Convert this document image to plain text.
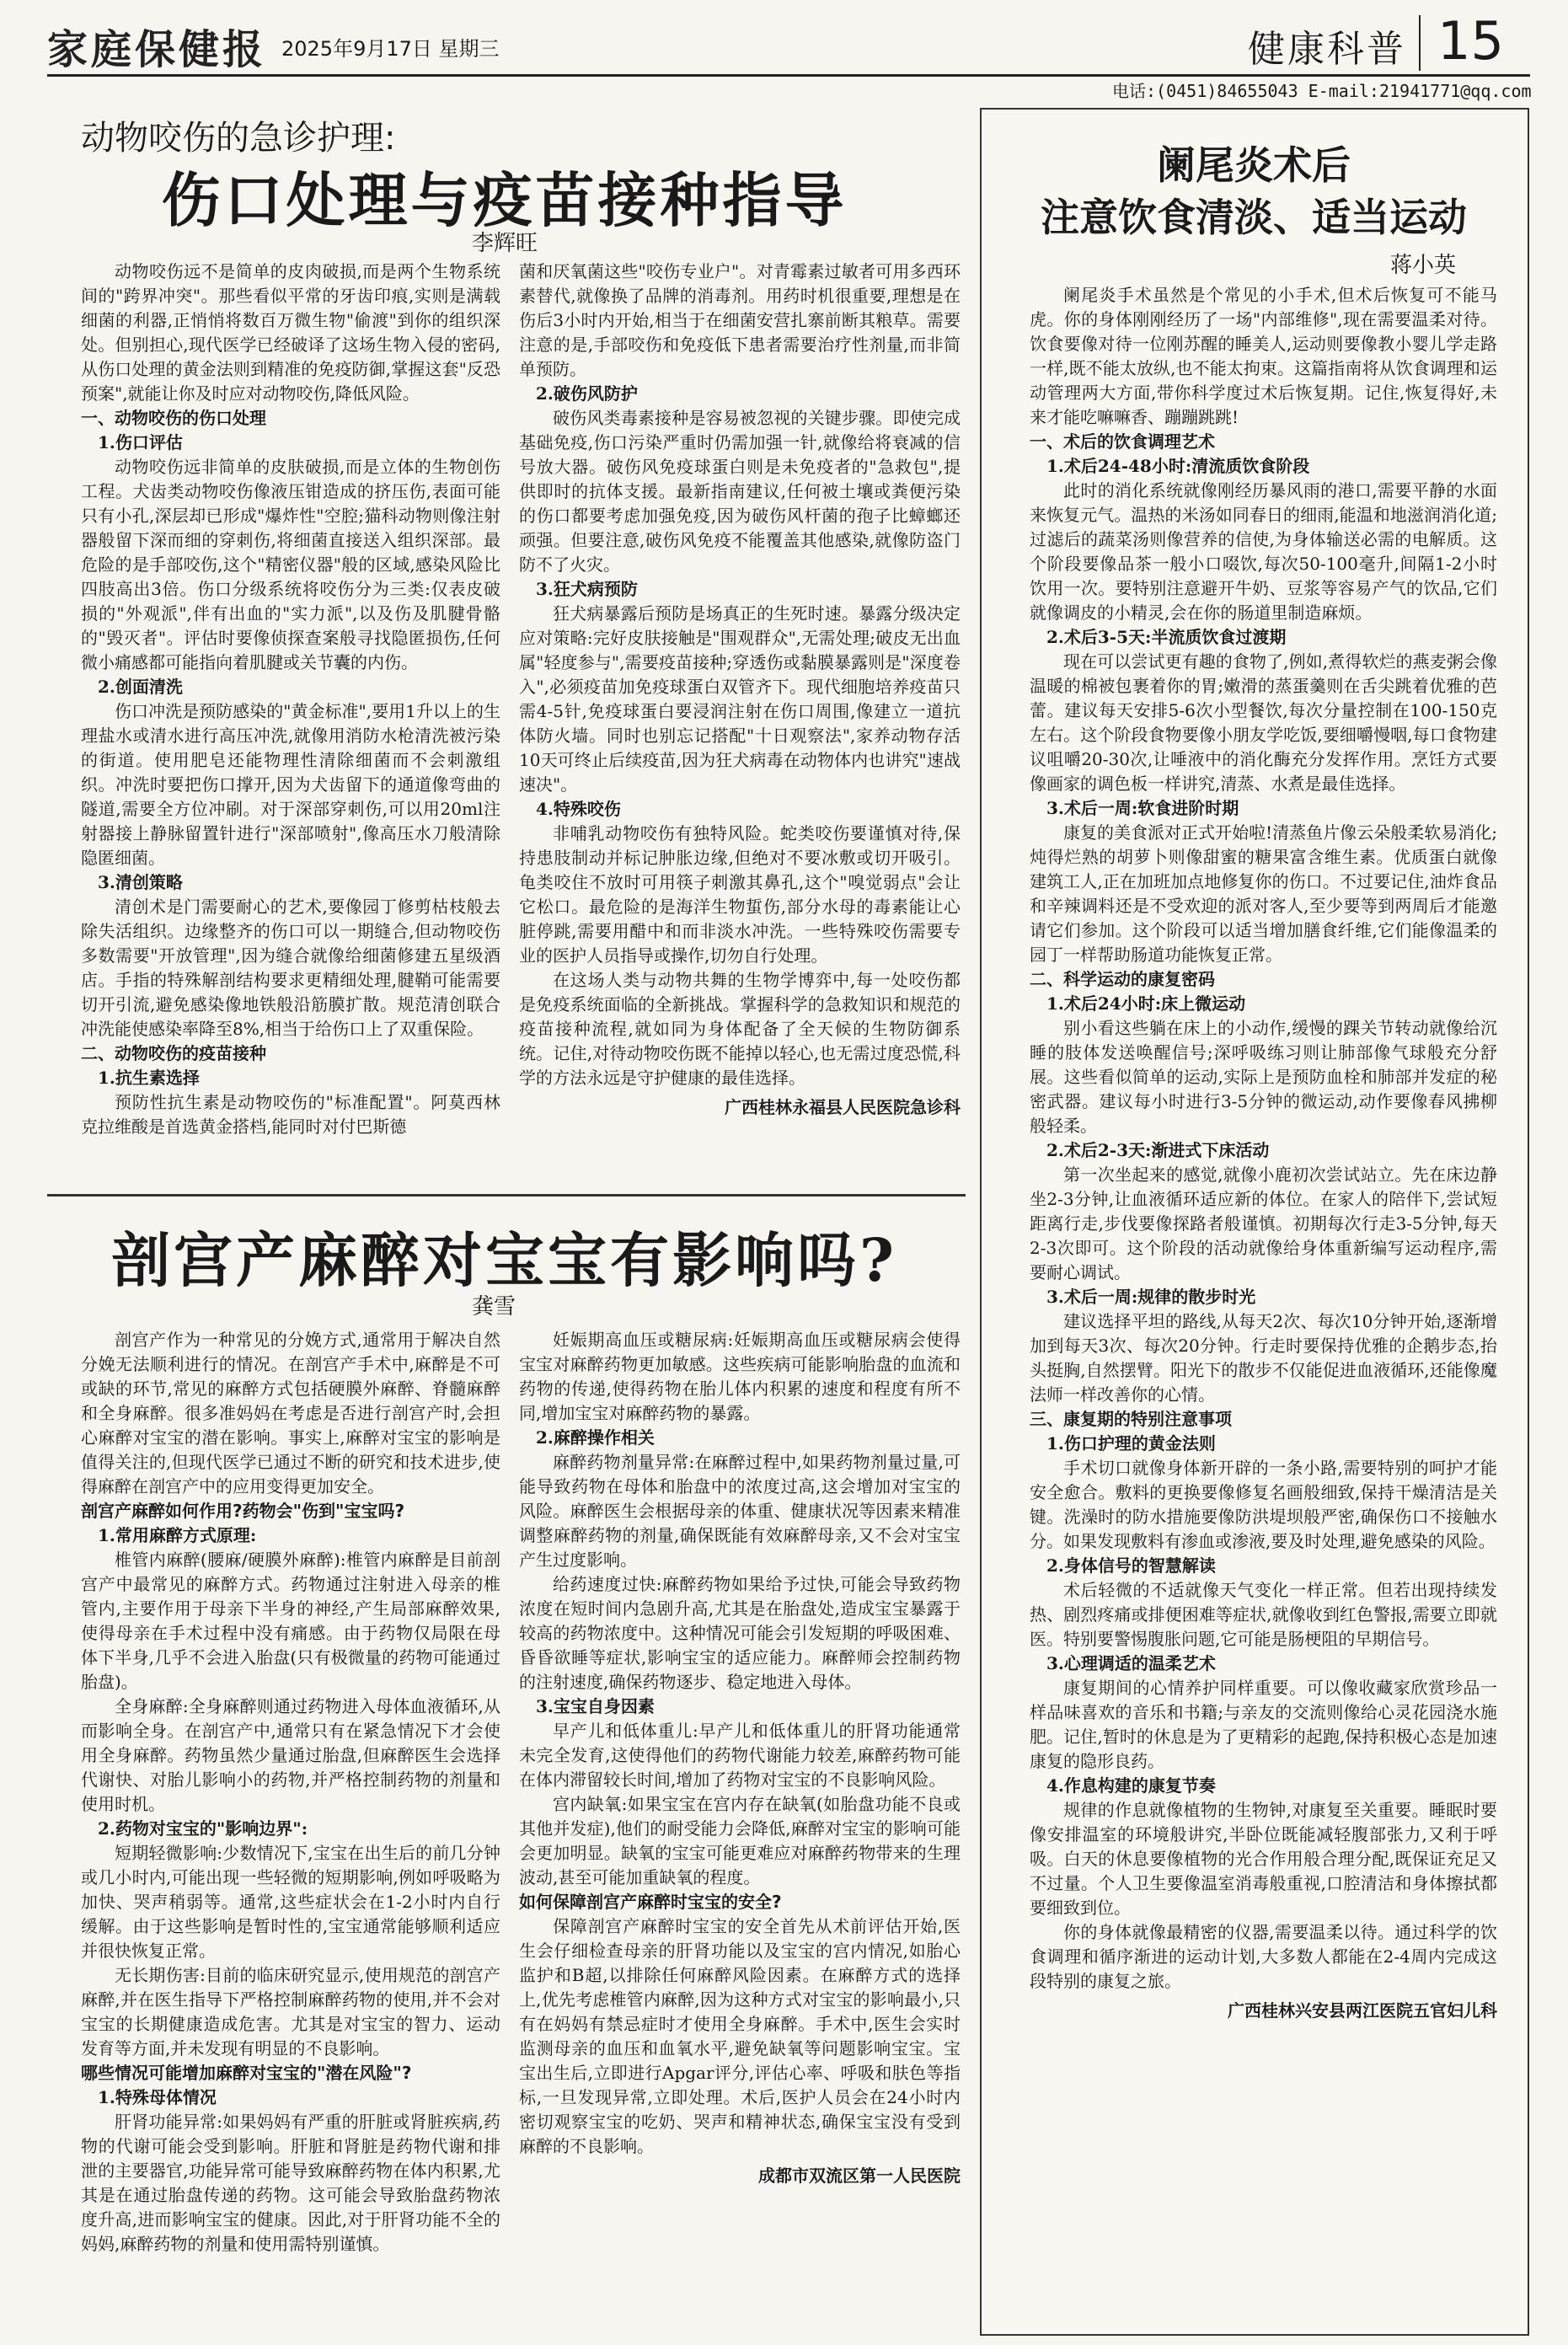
家庭保健报 2025年9月17日 星期三	健康科普 15
电话:(0451)84655043 E-mail:21941771@qq.com
动物咬伤的急诊护理:
伤口处理与疫苗接种指导
李辉旺

动物咬伤远不是简单的皮肉破损,而是两个生物系统间的"跨界冲突"。那些看似平常的牙齿印痕,实则是满载细菌的利器,正悄悄将数百万微生物"偷渡"到你的组织深处。但别担心,现代医学已经破译了这场生物入侵的密码,从伤口处理的黄金法则到精准的免疫防御,掌握这套"反恐预案",就能让你及时应对动物咬伤,降低风险。

一、动物咬伤的伤口处理

1.伤口评估

动物咬伤远非简单的皮肤破损,而是立体的生物创伤工程。犬齿类动物咬伤像液压钳造成的挤压伤,表面可能只有小孔,深层却已形成"爆炸性"空腔;猫科动物则像注射器般留下深而细的穿刺伤,将细菌直接送入组织深部。最危险的是手部咬伤,这个"精密仪器"般的区域,感染风险比四肢高出3倍。伤口分级系统将咬伤分为三类:仅表皮破损的"外观派",伴有出血的"实力派",以及伤及肌腱骨骼的"毁灭者"。评估时要像侦探查案般寻找隐匿损伤,任何微小痛感都可能指向着肌腱或关节囊的内伤。

2.创面清洗

伤口冲洗是预防感染的"黄金标准",要用1升以上的生理盐水或清水进行高压冲洗,就像用消防水枪清洗被污染的街道。使用肥皂还能物理性清除细菌而不会刺激组织。冲洗时要把伤口撑开,因为犬齿留下的通道像弯曲的隧道,需要全方位冲刷。对于深部穿刺伤,可以用20ml注射器接上静脉留置针进行"深部喷射",像高压水刀般清除隐匿细菌。

3.清创策略

清创术是门需要耐心的艺术,要像园丁修剪枯枝般去除失活组织。边缘整齐的伤口可以一期缝合,但动物咬伤多数需要"开放管理",因为缝合就像给细菌修建五星级酒店。手指的特殊解剖结构要求更精细处理,腱鞘可能需要切开引流,避免感染像地铁般沿筋膜扩散。规范清创联合冲洗能使感染率降至8%,相当于给伤口上了双重保险。

二、动物咬伤的疫苗接种

1.抗生素选择

预防性抗生素是动物咬伤的"标准配置"。阿莫西林克拉维酸是首选黄金搭档,能同时对付巴斯德

菌和厌氧菌这些"咬伤专业户"。对青霉素过敏者可用多西环素替代,就像换了品牌的消毒剂。用药时机很重要,理想是在伤后3小时内开始,相当于在细菌安营扎寨前断其粮草。需要注意的是,手部咬伤和免疫低下患者需要治疗性剂量,而非简单预防。

2.破伤风防护

破伤风类毒素接种是容易被忽视的关键步骤。即使完成基础免疫,伤口污染严重时仍需加强一针,就像给将衰减的信号放大器。破伤风免疫球蛋白则是未免疫者的"急救包",提供即时的抗体支援。最新指南建议,任何被土壤或粪便污染的伤口都要考虑加强免疫,因为破伤风杆菌的孢子比蟑螂还顽强。但要注意,破伤风免疫不能覆盖其他感染,就像防盗门防不了火灾。

3.狂犬病预防

狂犬病暴露后预防是场真正的生死时速。暴露分级决定应对策略:完好皮肤接触是"围观群众",无需处理;破皮无出血属"轻度参与",需要疫苗接种;穿透伤或黏膜暴露则是"深度卷入",必须疫苗加免疫球蛋白双管齐下。现代细胞培养疫苗只需4-5针,免疫球蛋白要浸润注射在伤口周围,像建立一道抗体防火墙。同时也别忘记搭配"十日观察法",家养动物存活10天可终止后续疫苗,因为狂犬病毒在动物体内也讲究"速战速决"。

4.特殊咬伤

非哺乳动物咬伤有独特风险。蛇类咬伤要谨慎对待,保持患肢制动并标记肿胀边缘,但绝对不要冰敷或切开吸引。龟类咬住不放时可用筷子刺激其鼻孔,这个"嗅觉弱点"会让它松口。最危险的是海洋生物蜇伤,部分水母的毒素能让心脏停跳,需要用醋中和而非淡水冲洗。一些特殊咬伤需要专业的医护人员指导或操作,切勿自行处理。

在这场人类与动物共舞的生物学博弈中,每一处咬伤都是免疫系统面临的全新挑战。掌握科学的急救知识和规范的疫苗接种流程,就如同为身体配备了全天候的生物防御系统。记住,对待动物咬伤既不能掉以轻心,也无需过度恐慌,科学的方法永远是守护健康的最佳选择。

广西桂林永福县人民医院急诊科

剖宫产麻醉对宝宝有影响吗?
龚雪

剖宫产作为一种常见的分娩方式,通常用于解决自然分娩无法顺利进行的情况。在剖宫产手术中,麻醉是不可或缺的环节,常见的麻醉方式包括硬膜外麻醉、脊髓麻醉和全身麻醉。很多准妈妈在考虑是否进行剖宫产时,会担心麻醉对宝宝的潜在影响。事实上,麻醉对宝宝的影响是值得关注的,但现代医学已通过不断的研究和技术进步,使得麻醉在剖宫产中的应用变得更加安全。

剖宫产麻醉如何作用?药物会"伤到"宝宝吗?

1.常用麻醉方式原理:

椎管内麻醉(腰麻/硬膜外麻醉):椎管内麻醉是目前剖宫产中最常见的麻醉方式。药物通过注射进入母亲的椎管内,主要作用于母亲下半身的神经,产生局部麻醉效果,使得母亲在手术过程中没有痛感。由于药物仅局限在母体下半身,几乎不会进入胎盘(只有极微量的药物可能通过胎盘)。

全身麻醉:全身麻醉则通过药物进入母体血液循环,从而影响全身。在剖宫产中,通常只有在紧急情况下才会使用全身麻醉。药物虽然少量通过胎盘,但麻醉医生会选择代谢快、对胎儿影响小的药物,并严格控制药物的剂量和使用时机。

2.药物对宝宝的"影响边界":

短期轻微影响:少数情况下,宝宝在出生后的前几分钟或几小时内,可能出现一些轻微的短期影响,例如呼吸略为加快、哭声稍弱等。通常,这些症状会在1-2小时内自行缓解。由于这些影响是暂时性的,宝宝通常能够顺利适应并很快恢复正常。

无长期伤害:目前的临床研究显示,使用规范的剖宫产麻醉,并在医生指导下严格控制麻醉药物的使用,并不会对宝宝的长期健康造成危害。尤其是对宝宝的智力、运动发育等方面,并未发现有明显的不良影响。

哪些情况可能增加麻醉对宝宝的"潜在风险"?

1.特殊母体情况

肝肾功能异常:如果妈妈有严重的肝脏或肾脏疾病,药物的代谢可能会受到影响。肝脏和肾脏是药物代谢和排泄的主要器官,功能异常可能导致麻醉药物在体内积累,尤其是在通过胎盘传递的药物。这可能会导致胎盘药物浓度升高,进而影响宝宝的健康。因此,对于肝肾功能不全的妈妈,麻醉药物的剂量和使用需特别谨慎。

妊娠期高血压或糖尿病:妊娠期高血压或糖尿病会使得宝宝对麻醉药物更加敏感。这些疾病可能影响胎盘的血流和药物的传递,使得药物在胎儿体内积累的速度和程度有所不同,增加宝宝对麻醉药物的暴露。

2.麻醉操作相关

麻醉药物剂量异常:在麻醉过程中,如果药物剂量过量,可能导致药物在母体和胎盘中的浓度过高,这会增加对宝宝的风险。麻醉医生会根据母亲的体重、健康状况等因素来精准调整麻醉药物的剂量,确保既能有效麻醉母亲,又不会对宝宝产生过度影响。

给药速度过快:麻醉药物如果给予过快,可能会导致药物浓度在短时间内急剧升高,尤其是在胎盘处,造成宝宝暴露于较高的药物浓度中。这种情况可能会引发短期的呼吸困难、昏昏欲睡等症状,影响宝宝的适应能力。麻醉师会控制药物的注射速度,确保药物逐步、稳定地进入母体。

3.宝宝自身因素

早产儿和低体重儿:早产儿和低体重儿的肝肾功能通常未完全发育,这使得他们的药物代谢能力较差,麻醉药物可能在体内滞留较长时间,增加了药物对宝宝的不良影响风险。

宫内缺氧:如果宝宝在宫内存在缺氧(如胎盘功能不良或其他并发症),他们的耐受能力会降低,麻醉对宝宝的影响可能会更加明显。缺氧的宝宝可能更难应对麻醉药物带来的生理波动,甚至可能加重缺氧的程度。

如何保障剖宫产麻醉时宝宝的安全?

保障剖宫产麻醉时宝宝的安全首先从术前评估开始,医生会仔细检查母亲的肝肾功能以及宝宝的宫内情况,如胎心监护和B超,以排除任何麻醉风险因素。在麻醉方式的选择上,优先考虑椎管内麻醉,因为这种方式对宝宝的影响最小,只有在妈妈有禁忌症时才使用全身麻醉。手术中,医生会实时监测母亲的血压和血氧水平,避免缺氧等问题影响宝宝。宝宝出生后,立即进行Apgar评分,评估心率、呼吸和肤色等指标,一旦发现异常,立即处理。术后,医护人员会在24小时内密切观察宝宝的吃奶、哭声和精神状态,确保宝宝没有受到麻醉的不良影响。

成都市双流区第一人民医院

阑尾炎术后
注意饮食清淡、适当运动
蒋小英

阑尾炎手术虽然是个常见的小手术,但术后恢复可不能马虎。你的身体刚刚经历了一场"内部维修",现在需要温柔对待。饮食要像对待一位刚苏醒的睡美人,运动则要像教小婴儿学走路一样,既不能太放纵,也不能太拘束。这篇指南将从饮食调理和运动管理两大方面,带你科学度过术后恢复期。记住,恢复得好,未来才能吃嘛嘛香、蹦蹦跳跳!

一、术后的饮食调理艺术

1.术后24-48小时:清流质饮食阶段

此时的消化系统就像刚经历暴风雨的港口,需要平静的水面来恢复元气。温热的米汤如同春日的细雨,能温和地滋润消化道;过滤后的蔬菜汤则像营养的信使,为身体输送必需的电解质。这个阶段要像品茶一般小口啜饮,每次50-100毫升,间隔1-2小时饮用一次。要特别注意避开牛奶、豆浆等容易产气的饮品,它们就像调皮的小精灵,会在你的肠道里制造麻烦。

2.术后3-5天:半流质饮食过渡期

现在可以尝试更有趣的食物了,例如,煮得软烂的燕麦粥会像温暖的棉被包裹着你的胃;嫩滑的蒸蛋羹则在舌尖跳着优雅的芭蕾。建议每天安排5-6次小型餐饮,每次分量控制在100-150克左右。这个阶段食物要像小朋友学吃饭,要细嚼慢咽,每口食物建议咀嚼20-30次,让唾液中的消化酶充分发挥作用。烹饪方式要像画家的调色板一样讲究,清蒸、水煮是最佳选择。

3.术后一周:软食进阶时期

康复的美食派对正式开始啦!清蒸鱼片像云朵般柔软易消化;炖得烂熟的胡萝卜则像甜蜜的糖果富含维生素。优质蛋白就像建筑工人,正在加班加点地修复你的伤口。不过要记住,油炸食品和辛辣调料还是不受欢迎的派对客人,至少要等到两周后才能邀请它们参加。这个阶段可以适当增加膳食纤维,它们能像温柔的园丁一样帮助肠道功能恢复正常。

二、科学运动的康复密码

1.术后24小时:床上微运动

别小看这些躺在床上的小动作,缓慢的踝关节转动就像给沉睡的肢体发送唤醒信号;深呼吸练习则让肺部像气球般充分舒展。这些看似简单的运动,实际上是预防血栓和肺部并发症的秘密武器。建议每小时进行3-5分钟的微运动,动作要像春风拂柳般轻柔。

2.术后2-3天:渐进式下床活动

第一次坐起来的感觉,就像小鹿初次尝试站立。先在床边静坐2-3分钟,让血液循环适应新的体位。在家人的陪伴下,尝试短距离行走,步伐要像探路者般谨慎。初期每次行走3-5分钟,每天2-3次即可。这个阶段的活动就像给身体重新编写运动程序,需要耐心调试。

3.术后一周:规律的散步时光

建议选择平坦的路线,从每天2次、每次10分钟开始,逐渐增加到每天3次、每次20分钟。行走时要保持优雅的企鹅步态,抬头挺胸,自然摆臂。阳光下的散步不仅能促进血液循环,还能像魔法师一样改善你的心情。

三、康复期的特别注意事项

1.伤口护理的黄金法则

手术切口就像身体新开辟的一条小路,需要特别的呵护才能安全愈合。敷料的更换要像修复名画般细致,保持干燥清洁是关键。洗澡时的防水措施要像防洪堤坝般严密,确保伤口不接触水分。如果发现敷料有渗血或渗液,要及时处理,避免感染的风险。

2.身体信号的智慧解读

术后轻微的不适就像天气变化一样正常。但若出现持续发热、剧烈疼痛或排便困难等症状,就像收到红色警报,需要立即就医。特别要警惕腹胀问题,它可能是肠梗阻的早期信号。

3.心理调适的温柔艺术

康复期间的心情养护同样重要。可以像收藏家欣赏珍品一样品味喜欢的音乐和书籍;与亲友的交流则像给心灵花园浇水施肥。记住,暂时的休息是为了更精彩的起跑,保持积极心态是加速康复的隐形良药。

4.作息构建的康复节奏

规律的作息就像植物的生物钟,对康复至关重要。睡眠时要像安排温室的环境般讲究,半卧位既能减轻腹部张力,又利于呼吸。白天的休息要像植物的光合作用般合理分配,既保证充足又不过量。个人卫生要像温室消毒般重视,口腔清洁和身体擦拭都要细致到位。

你的身体就像最精密的仪器,需要温柔以待。通过科学的饮食调理和循序渐进的运动计划,大多数人都能在2-4周内完成这段特别的康复之旅。

广西桂林兴安县两江医院五官妇儿科
